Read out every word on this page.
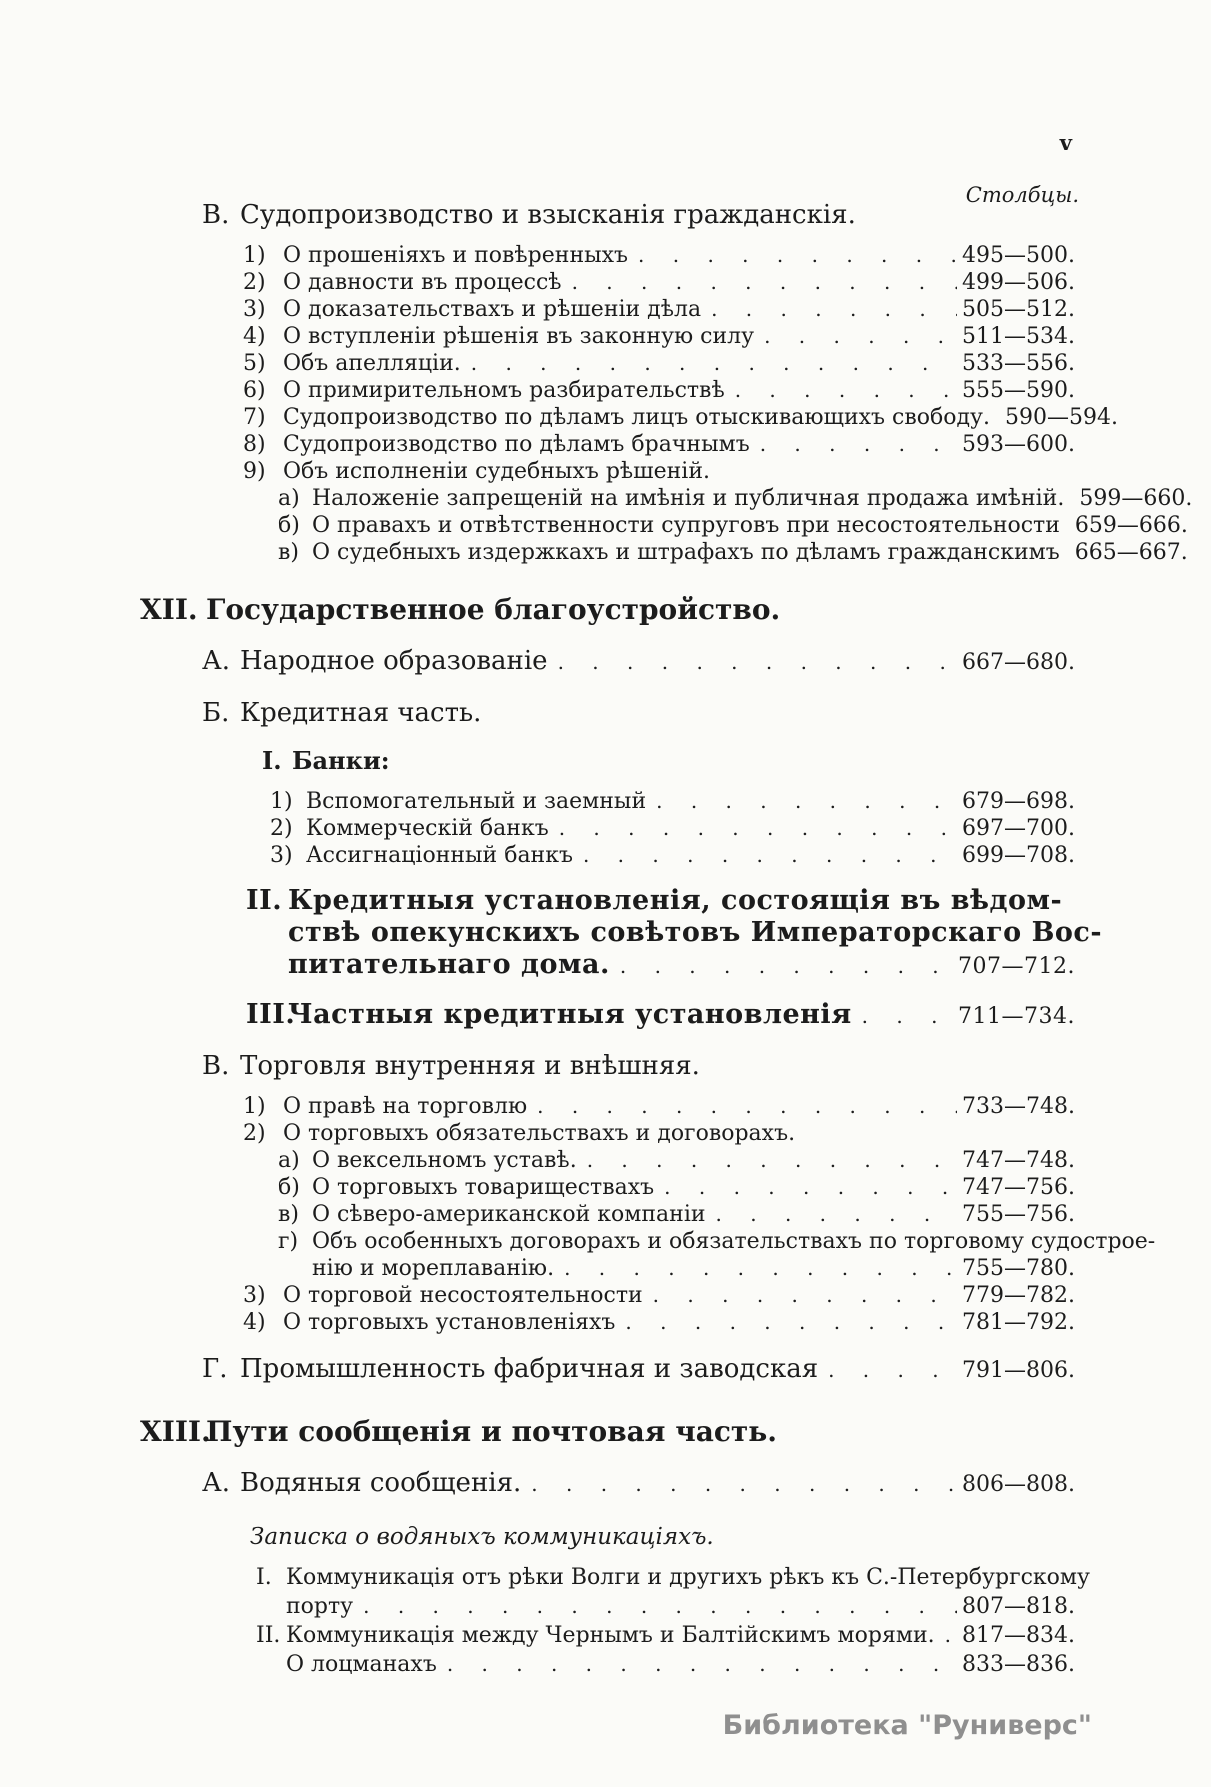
v
Столбцы.
В. Судопроизводство и взысканія гражданскія.
1) О прошеніяхъ и повѣренныхъ . . .	495—500.
2) О давности въ процессѣ . . .	499—506.
3) О доказательствахъ и рѣшеніи дѣла . . .	505—512.
4) О вступленіи рѣшенія въ законную силу . . .	511—534.
5) Объ апелляціи. . . .	533—556.
6) О примирительномъ разбирательствѣ . . .	555—590.
7) Судопроизводство по дѣламъ лицъ отыскивающихъ свободу. . . . 590—594.
8) Судопроизводство по дѣламъ брачнымъ . . .	593—600.
9) Объ исполненіи судебныхъ рѣшеній.
а) Наложеніе запрещеній на имѣнія и публичная продажа имѣній. . . . 599—660.
б) О правахъ и отвѣтственности супруговъ при несостоятельности . . . 659—666.
в) О судебныхъ издержкахъ и штрафахъ по дѣламъ гражданскимъ . . . 665—667.
XII. Государственное благоустройство.
А. Народное образованіе . . .	667—680.
Б. Кредитная часть.
I. Банки:
1) Вспомогательный и заемный . . .	679—698.
2) Коммерческій банкъ . . .	697—700.
3) Ассигнаціонный банкъ . . .	699—708.
II. Кредитныя установленія, состоящія въ вѣдом-
ствѣ опекунскихъ совѣтовъ Императорскаго Вос-
питательнаго дома. . . .	707—712.
III.
Частныя кредитныя установленія . . .	711—734.
В. Торговля внутренняя и внѣшняя.
1) О правѣ на торговлю . . .	733—748.
2) О торговыхъ обязательствахъ и договорахъ.
а) О вексельномъ уставѣ. . . .	747—748.
б) О торговыхъ товариществахъ . . .	747—756.
в) О сѣверо-американской компаніи . . .	755—756.
г) Объ особенныхъ договорахъ и обязательствахъ по торговому судострое-
нію и мореплаванію. . . .	755—780.
3) О торговой несостоятельности . . .	779—782.
4) О торговыхъ установленіяхъ . . .	781—792.
Г. Промышленность фабричная и заводская . . .	791—806.
XIII.
Пути сообщенія и почтовая часть.
А. Водяныя сообщенія. . . .	806—808.
Записка о водяныхъ коммуникаціяхъ.
I. Коммуникація отъ рѣки Волги и другихъ рѣкъ къ С.-Петербургскому
порту . . .	807—818.
II. Коммуникація между Чернымъ и Балтійскимъ морями. . . . 817—834.
О лоцманахъ . . .	833—836.
Библиотека "Руниверс"
